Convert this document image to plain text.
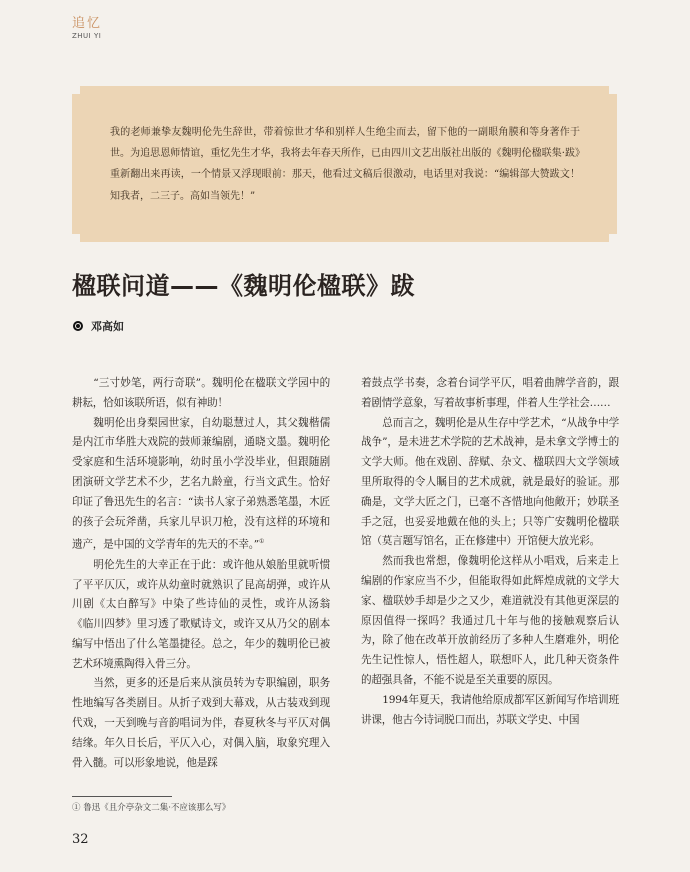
追忆
ZHUI YI
我的老师兼挚友魏明伦先生辞世，带着惊世才华和别样人生绝尘而去，留下他的一副眼角膜和等身著作于世。为追思恩师情谊，重忆先生才华，我将去年春天所作，已由四川文艺出版社出版的《魏明伦楹联集·跋》重新翻出来再读，一个情景又浮现眼前：那天，他看过文稿后很激动，电话里对我说：“编辑部大赞跋文！知我者，二三子。高如当领先！”
楹联问道——《魏明伦楹联》跋
邓高如

“三寸妙笔，两行奇联”。魏明伦在楹联文学园中的耕耘，恰如该联所语，似有神助！

魏明伦出身梨园世家，自幼聪慧过人，其父魏楷儒是内江市华胜大戏院的鼓师兼编剧，通晓文墨。魏明伦受家庭和生活环境影响，幼时虽小学没毕业，但跟随剧团演研文学艺术不少，艺名九龄童，行当文武生。恰好印证了鲁迅先生的名言：“读书人家子弟熟悉笔墨，木匠的孩子会玩斧凿，兵家儿早识刀枪，没有这样的环境和遗产，是中国的文学青年的先天的不幸。”①

明伦先生的大幸正在于此：或许他从娘胎里就听惯了平平仄仄，或许从幼童时就熟识了昆高胡弹，或许从川剧《太白醉写》中染了些诗仙的灵性，或许从汤翁《临川四梦》里习透了歌赋诗文，或许又从乃父的剧本编写中悟出了什么笔墨捷径。总之，年少的魏明伦已被艺术环境熏陶得入骨三分。

当然，更多的还是后来从演员转为专职编剧，职务性地编写各类剧目。从折子戏到大幕戏，从古装戏到现代戏，一天到晚与音韵唱词为伴，春夏秋冬与平仄对偶结缘。年久日长后，平仄入心，对偶入脑，取象究理入骨入髓。可以形象地说，他是踩

着鼓点学书奏，念着台词学平仄，唱着曲牌学音韵，跟着剧情学意象，写着故事析事理，伴着人生学社会……

总而言之，魏明伦是从生存中学艺术，“从战争中学战争”，是未进艺术学院的艺术战神，是未拿文学博士的文学大师。他在戏剧、辞赋、杂文、楹联四大文学领域里所取得的令人瞩目的艺术成就，就是最好的验证。那确是，文学大匠之门，已毫不吝惜地向他敞开；妙联圣手之冠，也妥妥地戴在他的头上；只等广安魏明伦楹联馆（莫言题写馆名，正在修建中）开馆便大放光彩。

然而我也常想，像魏明伦这样从小唱戏，后来走上编剧的作家应当不少，但能取得如此辉煌成就的文学大家、楹联妙手却是少之又少，难道就没有其他更深层的原因值得一探吗？我通过几十年与他的接触观察后认为，除了他在改革开放前经历了多种人生磨难外，明伦先生记性惊人，悟性超人，联想吓人，此几种天资条件的超强具备，不能不说是至关重要的原因。

1994年夏天，我请他给原成都军区新闻写作培训班讲课，他古今诗词脱口而出，苏联文学史、中国

① 鲁迅《且介亭杂文二集·不应该那么写》
32
